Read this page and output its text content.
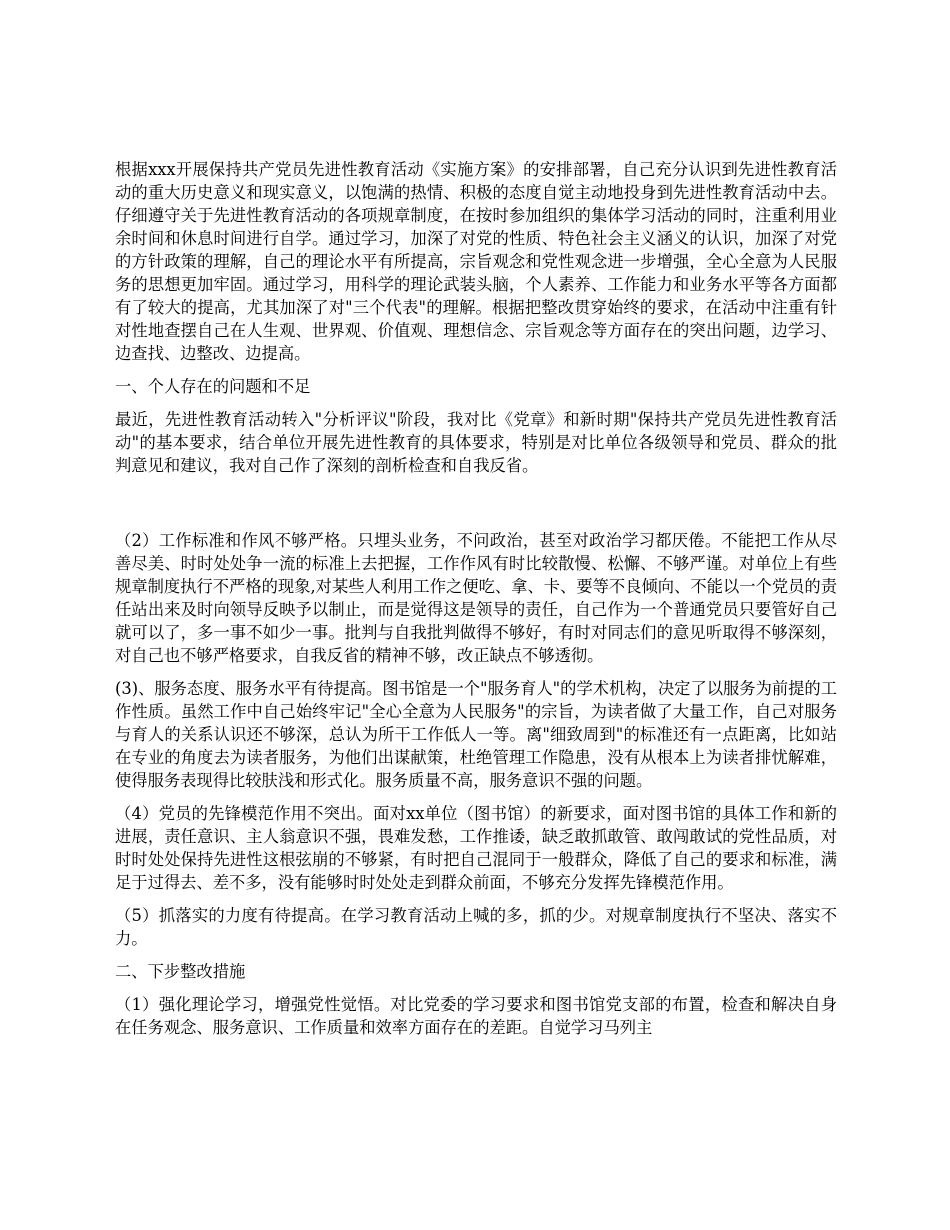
根据xxx开展保持共产党员先进性教育活动《实施方案》的安排部署，自己充分认识到先进性教育活动的重大历史意义和现实意义，以饱满的热情、积极的态度自觉主动地投身到先进性教育活动中去。仔细遵守关于先进性教育活动的各项规章制度，在按时参加组织的集体学习活动的同时，注重利用业余时间和休息时间进行自学。通过学习，加深了对党的性质、特色社会主义涵义的认识，加深了对党的方针政策的理解，自己的理论水平有所提高，宗旨观念和党性观念进一步增强，全心全意为人民服务的思想更加牢固。通过学习，用科学的理论武装头脑，个人素养、工作能力和业务水平等各方面都有了较大的提高，尤其加深了对"三个代表"的理解。根据把整改贯穿始终的要求，在活动中注重有针对性地查摆自己在人生观、世界观、价值观、理想信念、宗旨观念等方面存在的突出问题，边学习、边查找、边整改、边提高。

一、个人存在的问题和不足

最近，先进性教育活动转入"分析评议"阶段，我对比《党章》和新时期"保持共产党员先进性教育活动"的基本要求，结合单位开展先进性教育的具体要求，特别是对比单位各级领导和党员、群众的批判意见和建议，我对自己作了深刻的剖析检查和自我反省。

（2）工作标准和作风不够严格。只埋头业务，不问政治，甚至对政治学习都厌倦。不能把工作从尽善尽美、时时处处争一流的标准上去把握，工作作风有时比较散慢、松懈、不够严谨。对单位上有些规章制度执行不严格的现象,对某些人利用工作之便吃、拿、卡、要等不良倾向、不能以一个党员的责任站出来及时向领导反映予以制止，而是觉得这是领导的责任，自己作为一个普通党员只要管好自己就可以了，多一事不如少一事。批判与自我批判做得不够好，有时对同志们的意见听取得不够深刻，对自己也不够严格要求，自我反省的精神不够，改正缺点不够透彻。

(3)、服务态度、服务水平有待提高。图书馆是一个"服务育人"的学术机构，决定了以服务为前提的工作性质。虽然工作中自己始终牢记"全心全意为人民服务"的宗旨，为读者做了大量工作，自己对服务与育人的关系认识还不够深，总认为所干工作低人一等。离"细致周到"的标准还有一点距离，比如站在专业的角度去为读者服务，为他们出谋献策，杜绝管理工作隐患，没有从根本上为读者排忧解难，使得服务表现得比较肤浅和形式化。服务质量不高，服务意识不强的问题。

（4）党员的先锋模范作用不突出。面对xx单位（图书馆）的新要求，面对图书馆的具体工作和新的进展，责任意识、主人翁意识不强，畏难发愁，工作推诿，缺乏敢抓敢管、敢闯敢试的党性品质，对时时处处保持先进性这根弦崩的不够紧，有时把自己混同于一般群众，降低了自己的要求和标准，满足于过得去、差不多，没有能够时时处处走到群众前面，不够充分发挥先锋模范作用。

（5）抓落实的力度有待提高。在学习教育活动上喊的多，抓的少。对规章制度执行不坚决、落实不力。

二、下步整改措施

（1）强化理论学习，增强党性觉悟。对比党委的学习要求和图书馆党支部的布置，检查和解决自身在任务观念、服务意识、工作质量和效率方面存在的差距。自觉学习马列主
